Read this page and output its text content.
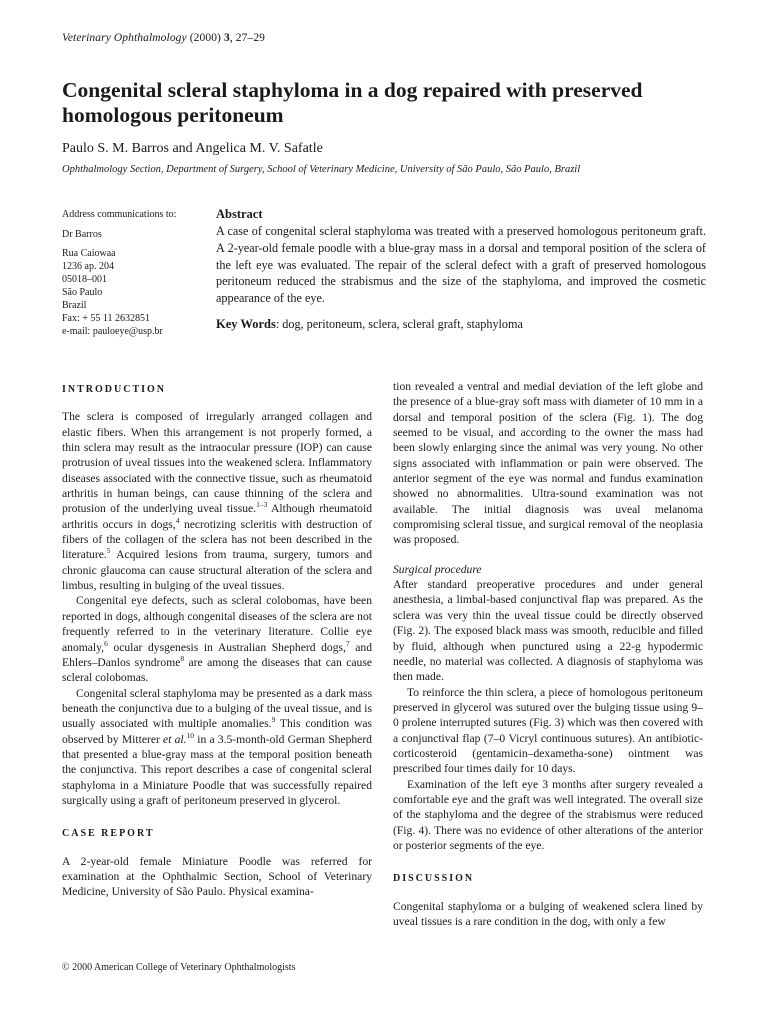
Veterinary Ophthalmology (2000) 3, 27–29
Congenital scleral staphyloma in a dog repaired with preserved homologous peritoneum

Paulo S. M. Barros and Angelica M. V. Safatle

Ophthalmology Section, Department of Surgery, School of Veterinary Medicine, University of São Paulo, São Paulo, Brazil

Address communications to:
Dr Barros
Rua Caiowaa
1236 ap. 204
05018–001
São Paulo
Brazil
Fax: + 55 11 2632851
e-mail: pauloeye@usp.br
Abstract

A case of congenital scleral staphyloma was treated with a preserved homologous peritoneum graft. A 2-year-old female poodle with a blue-gray mass in a dorsal and temporal position of the sclera of the left eye was evaluated. The repair of the scleral defect with a graft of preserved homologous peritoneum reduced the strabismus and the size of the staphyloma, and improved the cosmetic appearance of the eye.

Key Words: dog, peritoneum, sclera, scleral graft, staphyloma

INTRODUCTION

The sclera is composed of irregularly arranged collagen and elastic fibers. When this arrangement is not properly formed, a thin sclera may result as the intraocular pressure (IOP) can cause protrusion of uveal tissues into the weakened sclera. Inflammatory diseases associated with the connective tissue, such as rheumatoid arthritis in human beings, can cause thinning of the sclera and protusion of the underlying uveal tissue.$^{1-3}$ Although rheumatoid arthritis occurs in dogs,$^4$ necrotizing scleritis with destruction of fibers of the collagen of the sclera has not been described in the literature.$^5$ Acquired lesions from trauma, surgery, tumors and chronic glaucoma can cause structural alteration of the sclera and limbus, resulting in bulging of the uveal tissues.

Congenital eye defects, such as scleral colobomas, have been reported in dogs, although congenital diseases of the sclera are not frequently referred to in the veterinary literature. Collie eye anomaly,$^6$ ocular dysgenesis in Australian Shepherd dogs,$^7$ and Ehlers–Danlos syndrome$^8$ are among the diseases that can cause scleral colobomas.

Congenital scleral staphyloma may be presented as a dark mass beneath the conjunctiva due to a bulging of the uveal tissue, and is usually associated with multiple anomalies.$^9$ This condition was observed by Mitterer et al.$^{10}$ in a 3.5-month-old German Shepherd that presented a blue-gray mass at the temporal position beneath the conjunctiva. This report describes a case of congenital scleral staphyloma in a Miniature Poodle that was successfully repaired surgically using a graft of peritoneum preserved in glycerol.

CASE REPORT

A 2-year-old female Miniature Poodle was referred for examination at the Ophthalmic Section, School of Veterinary Medicine, University of São Paulo. Physical examina-

tion revealed a ventral and medial deviation of the left globe and the presence of a blue-gray soft mass with diameter of 10 mm in a dorsal and temporal position of the sclera (Fig. 1). The dog seemed to be visual, and according to the owner the mass had been slowly enlarging since the animal was very young. No other signs associated with inflammation or pain were observed. The anterior segment of the eye was normal and fundus examination showed no abnormalities. Ultra-sound examination was not available. The initial diagnosis was uveal melanoma compromising scleral tissue, and surgical removal of the neoplasia was proposed.

Surgical procedure

After standard preoperative procedures and under general anesthesia, a limbal-based conjunctival flap was prepared. As the sclera was very thin the uveal tissue could be directly observed (Fig. 2). The exposed black mass was smooth, reducible and filled by fluid, although when punctured using a 22-g hypodermic needle, no material was collected. A diagnosis of staphyloma was then made.

To reinforce the thin sclera, a piece of homologous peritoneum preserved in glycerol was sutured over the bulging tissue using 9–0 prolene interrupted sutures (Fig. 3) which was then covered with a conjunctival flap (7–0 Vicryl continuous sutures). An antibiotic-corticosteroid (gentamicin–dexametha-sone) ointment was prescribed four times daily for 10 days.

Examination of the left eye 3 months after surgery revealed a comfortable eye and the graft was well integrated. The overall size of the staphyloma and the degree of the strabismus were reduced (Fig. 4). There was no evidence of other alterations of the anterior or posterior segments of the eye.

DISCUSSION

Congenital staphyloma or a bulging of weakened sclera lined by uveal tissues is a rare condition in the dog, with only a few

© 2000 American College of Veterinary Ophthalmologists
